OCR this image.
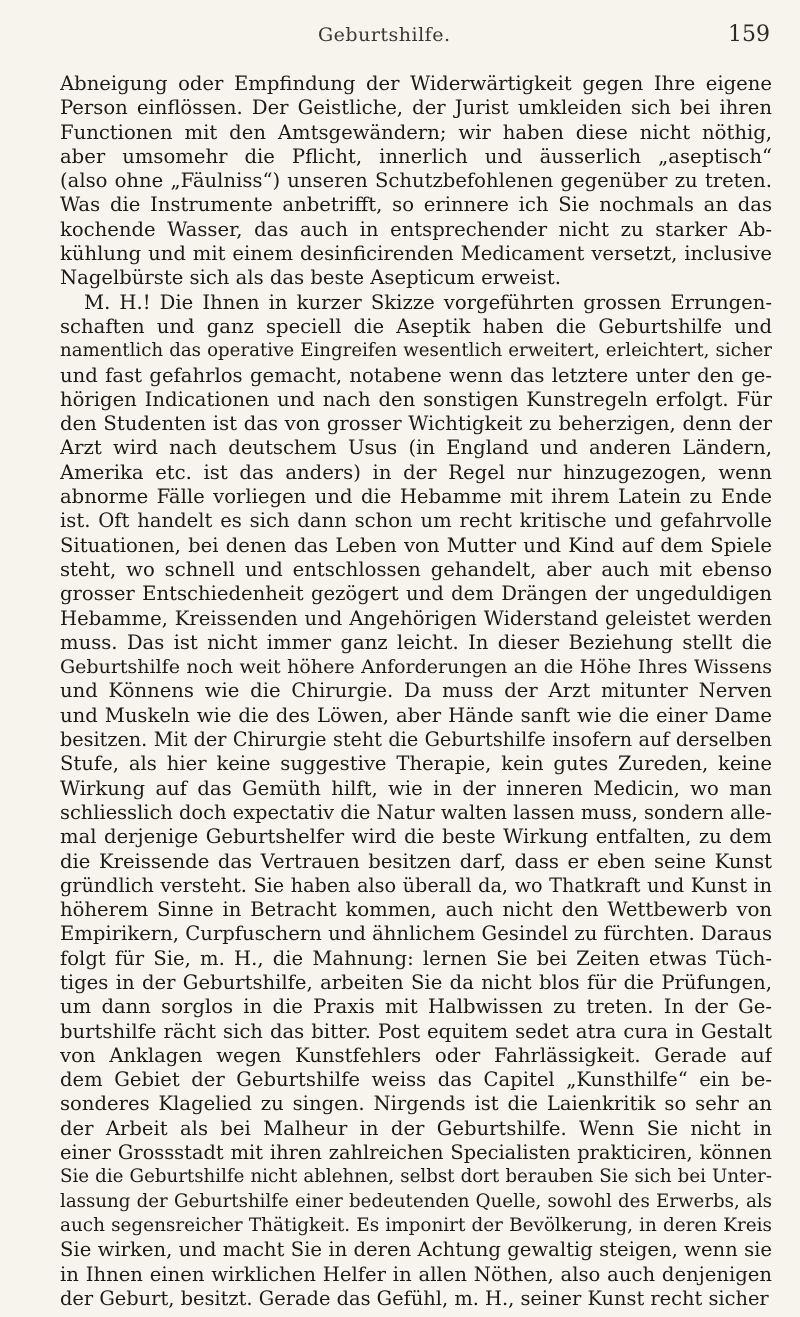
Geburtshilfe.	159
Abneigung oder Empfindung der Widerwärtigkeit gegen Ihre eigene
Person einflössen. Der Geistliche, der Jurist umkleiden sich bei ihren
Functionen mit den Amtsgewändern; wir haben diese nicht nöthig,
aber umsomehr die Pflicht, innerlich und äusserlich „aseptisch“
(also ohne „Fäulniss“) unseren Schutzbefohlenen gegenüber zu treten.
Was die Instrumente anbetrifft, so erinnere ich Sie nochmals an das
kochende Wasser, das auch in entsprechender nicht zu starker Ab-
kühlung und mit einem desinficirenden Medicament versetzt, inclusive
Nagelbürste sich als das beste Asepticum erweist.
M. H.! Die Ihnen in kurzer Skizze vorgeführten grossen Errungen-
schaften und ganz speciell die Aseptik haben die Geburtshilfe und
namentlich das operative Eingreifen wesentlich erweitert, erleichtert, sicher
und fast gefahrlos gemacht, notabene wenn das letztere unter den ge-
hörigen Indicationen und nach den sonstigen Kunstregeln erfolgt. Für
den Studenten ist das von grosser Wichtigkeit zu beherzigen, denn der
Arzt wird nach deutschem Usus (in England und anderen Ländern,
Amerika etc. ist das anders) in der Regel nur hinzugezogen, wenn
abnorme Fälle vorliegen und die Hebamme mit ihrem Latein zu Ende
ist. Oft handelt es sich dann schon um recht kritische und gefahrvolle
Situationen, bei denen das Leben von Mutter und Kind auf dem Spiele
steht, wo schnell und entschlossen gehandelt, aber auch mit ebenso
grosser Entschiedenheit gezögert und dem Drängen der ungeduldigen
Hebamme, Kreissenden und Angehörigen Widerstand geleistet werden
muss. Das ist nicht immer ganz leicht. In dieser Beziehung stellt die
Geburtshilfe noch weit höhere Anforderungen an die Höhe Ihres Wissens
und Könnens wie die Chirurgie. Da muss der Arzt mitunter Nerven
und Muskeln wie die des Löwen, aber Hände sanft wie die einer Dame
besitzen. Mit der Chirurgie steht die Geburtshilfe insofern auf derselben
Stufe, als hier keine suggestive Therapie, kein gutes Zureden, keine
Wirkung auf das Gemüth hilft, wie in der inneren Medicin, wo man
schliesslich doch expectativ die Natur walten lassen muss, sondern alle-
mal derjenige Geburtshelfer wird die beste Wirkung entfalten, zu dem
die Kreissende das Vertrauen besitzen darf, dass er eben seine Kunst
gründlich versteht. Sie haben also überall da, wo Thatkraft und Kunst in
höherem Sinne in Betracht kommen, auch nicht den Wettbewerb von
Empirikern, Curpfuschern und ähnlichem Gesindel zu fürchten. Daraus
folgt für Sie, m. H., die Mahnung: lernen Sie bei Zeiten etwas Tüch-
tiges in der Geburtshilfe, arbeiten Sie da nicht blos für die Prüfungen,
um dann sorglos in die Praxis mit Halbwissen zu treten. In der Ge-
burtshilfe rächt sich das bitter. Post equitem sedet atra cura in Gestalt
von Anklagen wegen Kunstfehlers oder Fahrlässigkeit. Gerade auf
dem Gebiet der Geburtshilfe weiss das Capitel „Kunsthilfe“ ein be-
sonderes Klagelied zu singen. Nirgends ist die Laienkritik so sehr an
der Arbeit als bei Malheur in der Geburtshilfe. Wenn Sie nicht in
einer Grossstadt mit ihren zahlreichen Specialisten prakticiren, können
Sie die Geburtshilfe nicht ablehnen, selbst dort berauben Sie sich bei Unter-
lassung der Geburtshilfe einer bedeutenden Quelle, sowohl des Erwerbs, als
auch segensreicher Thätigkeit. Es imponirt der Bevölkerung, in deren Kreis
Sie wirken, und macht Sie in deren Achtung gewaltig steigen, wenn sie
in Ihnen einen wirklichen Helfer in allen Nöthen, also auch denjenigen
der Geburt, besitzt. Gerade das Gefühl, m. H., seiner Kunst recht sicher
